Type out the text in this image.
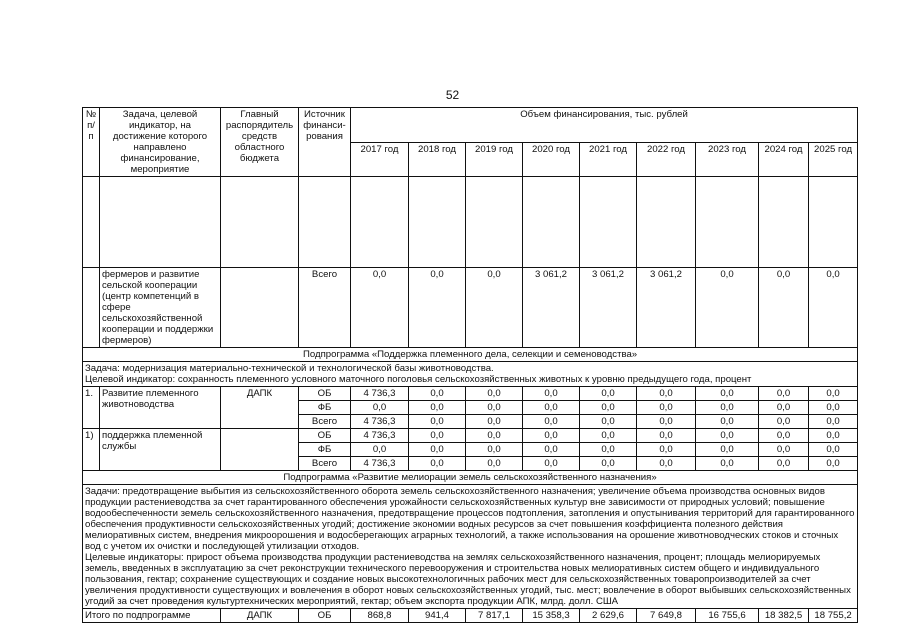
52
№ п/п	Задача, целевой индикатор, на достижение которого направлено финансирование, мероприятие	Главный распорядитель средств областного бюджета	Источник финанси-рования	Объем финансирования, тыс. рублей								
				2017 год	2018 год	2019 год	2020 год	2021 год	2022 год	2023 год	2024 год	2025 год

	фермеров и развитие сельской кооперации (центр компетенций в сфере сельскохозяйственной кооперации и поддержки фермеров)		Всего	0,0	0,0	0,0	3 061,2	3 061,2	3 061,2	0,0	0,0	0,0
Подпрограмма «Поддержка племенного дела, селекции и семеноводства»												

Задача: модернизация материально-технической и технологической базы животноводства.
Целевой индикатор: сохранность племенного условного маточного поголовья сельскохозяйственных животных к уровню предыдущего года, процент												

1.	Развитие племенного животноводства	ДАПК	ОБ	4 736,3	0,0	0,0	0,0	0,0	0,0	0,0	0,0	0,0
			ФБ	0,0	0,0	0,0	0,0	0,0	0,0	0,0	0,0	0,0
			Всего	4 736,3	0,0	0,0	0,0	0,0	0,0	0,0	0,0	0,0
1)	поддержка племенной службы		ОБ	4 736,3	0,0	0,0	0,0	0,0	0,0	0,0	0,0	0,0
			ФБ	0,0	0,0	0,0	0,0	0,0	0,0	0,0	0,0	0,0
			Всего	4 736,3	0,0	0,0	0,0	0,0	0,0	0,0	0,0	0,0
Подпрограмма «Развитие мелиорации земель сельскохозяйственного назначения»												

Задачи: предотвращение выбытия из сельскохозяйственного оборота земель сельскохозяйственного назначения; увеличение объема производства основных видов продукции растениеводства за счет гарантированного обеспечения урожайности сельскохозяйственных культур вне зависимости от природных условий; повышение водообеспеченности земель сельскохозяйственного назначения, предотвращение процессов подтопления, затопления и опустынивания территорий для гарантированного обеспечения продуктивности сельскохозяйственных угодий; достижение экономии водных ресурсов за счет повышения коэффициента полезного действия мелиоративных систем, внедрения микроорошения и водосберегающих аграрных технологий, а также использования на орошение животноводческих стоков и сточных вод с учетом их очистки и последующей утилизации отходов.
Целевые индикаторы: прирост объема производства продукции растениеводства на землях сельскохозяйственного назначения, процент; площадь мелиорируемых земель, введенных в эксплуатацию за счет реконструкции технического перевооружения и строительства новых мелиоративных систем общего и индивидуального пользования, гектар; сохранение существующих и создание новых высокотехнологичных рабочих мест для сельскохозяйственных товаропроизводителей за счет увеличения продуктивности существующих и вовлечения в оборот новых сельскохозяйственных угодий, тыс. мест; вовлечение в оборот выбывших сельскохозяйственных угодий за счет проведения культуртехнических мероприятий, гектар; объем экспорта продукции АПК, млрд. долл. США												

Итого по подпрограмме		ДАПК	ОБ	868,8	941,4	7 817,1	15 358,3	2 629,6	7 649,8	16 755,6	18 382,5	18 755,2
